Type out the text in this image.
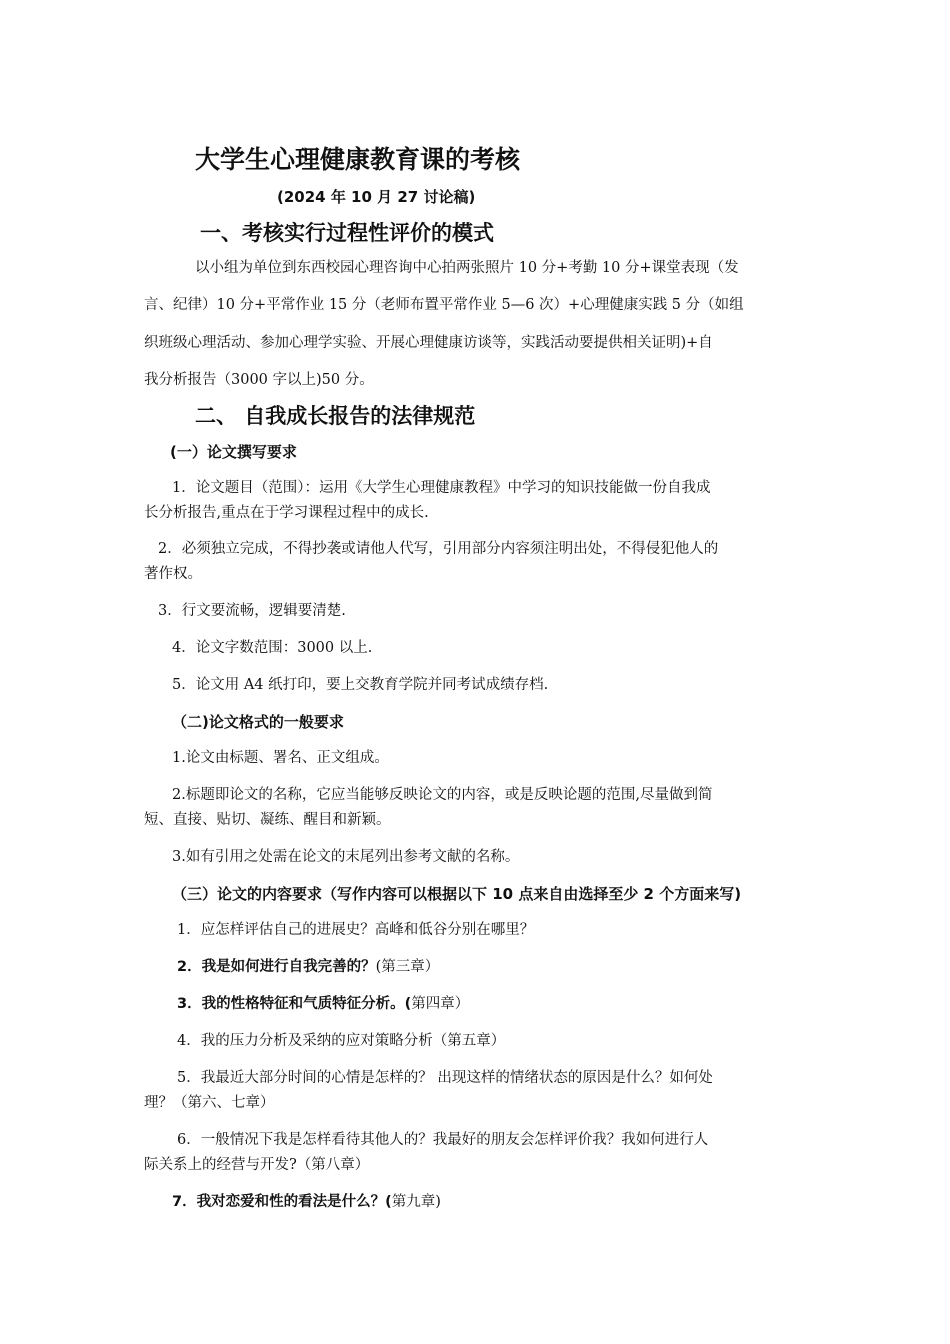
大学生心理健康教育课的考核

(2024 年 10 月 27 讨论稿)

一、考核实行过程性评价的模式

以小组为单位到东西校园心理咨询中心拍两张照片 10 分+考勤 10 分+课堂表现（发

言、纪律）10 分+平常作业 15 分（老师布置平常作业 5—6 次）+心理健康实践 5 分（如组

织班级心理活动、参加心理学实验、开展心理健康访谈等，实践活动要提供相关证明)+自

我分析报告（3000 字以上)50 分。

二、 自我成长报告的法律规范

(一）论文撰写要求

1．论文题目（范围）：运用《大学生心理健康教程》中学习的知识技能做一份自我成

长分析报告,重点在于学习课程过程中的成长.

2．必须独立完成，不得抄袭或请他人代写，引用部分内容须注明出处，不得侵犯他人的

著作权。

3．行文要流畅，逻辑要清楚.

4．论文字数范围：3000 以上.

5．论文用 A4 纸打印，要上交教育学院并同考试成绩存档.

（二)论文格式的一般要求

1.论文由标题、署名、正文组成。

2.标题即论文的名称，它应当能够反映论文的内容，或是反映论题的范围,尽量做到简

短、直接、贴切、凝练、醒目和新颖。

3.如有引用之处需在论文的末尾列出参考文献的名称。

（三）论文的内容要求（写作内容可以根据以下 10 点来自由选择至少 2 个方面来写)

1．应怎样评估自己的进展史？高峰和低谷分别在哪里？

2．我是如何进行自我完善的？(第三章）

3．我的性格特征和气质特征分析。(第四章）

4．我的压力分析及采纳的应对策略分析（第五章）

5．我最近大部分时间的心情是怎样的？ 出现这样的情绪状态的原因是什么？如何处

理？（第六、七章）

6．一般情况下我是怎样看待其他人的？我最好的朋友会怎样评价我？我如何进行人

际关系上的经营与开发?（第八章）

7．我对恋爱和性的看法是什么？(第九章)
